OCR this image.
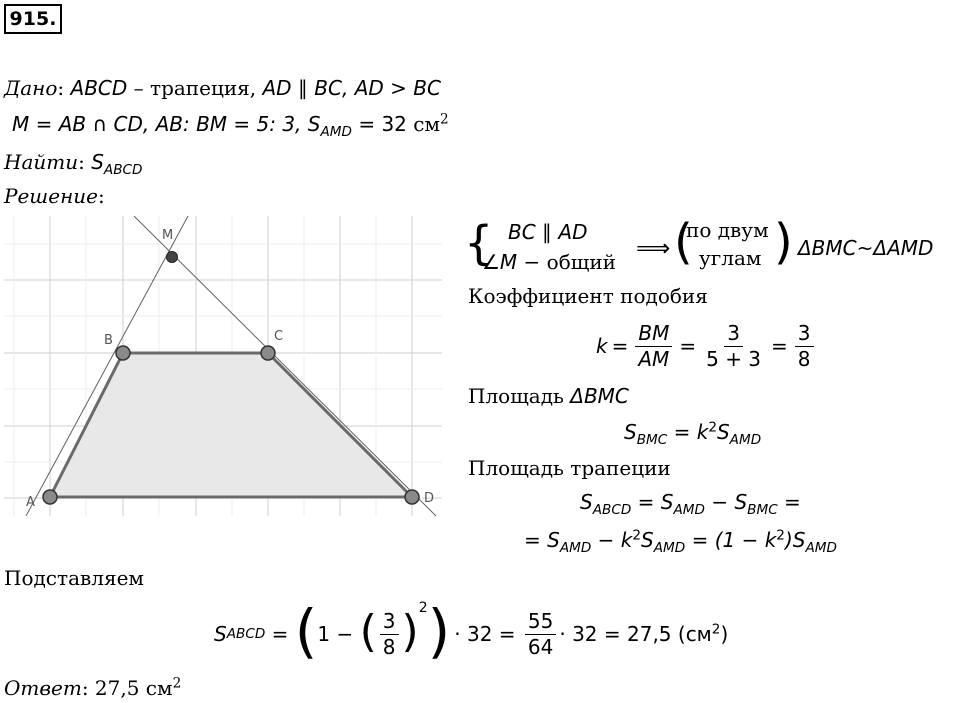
915.
Дано: ABCD – трапеция, AD ∥ BC, AD > BC
M = AB ∩ CD, AB: BM = 5: 3, $S_{AMD} = 32$ $см^2$
Найти: $S_{ABCD}$
Решение:
M
B	C
A	D
{ BC ∥ AD
∠M − общий ⟹ (
по двум
углам ) ΔBMC~ΔAMD
Коэффициент подобия
$k = \frac{BM}{AM} = \frac{3}{5 + 3} = \frac{3}{8}$
Площадь ΔBMC
$S_{BMC} = k^2S_{AMD}$
Площадь трапеции
$S_{ABCD} = S_{AMD} - S_{BMC}$ =
= $S_{AMD} - k^2S_{AMD} = (1 - k^2)S_{AMD}$
Подставляем
S ABCD = ( 1 − ( $\frac{3}{8}$ ) 2 ) · $32 = \frac{55}{64} \cdot 32 = 27,5$ $(см^2)$
Ответ: 27,5 $см^2$
